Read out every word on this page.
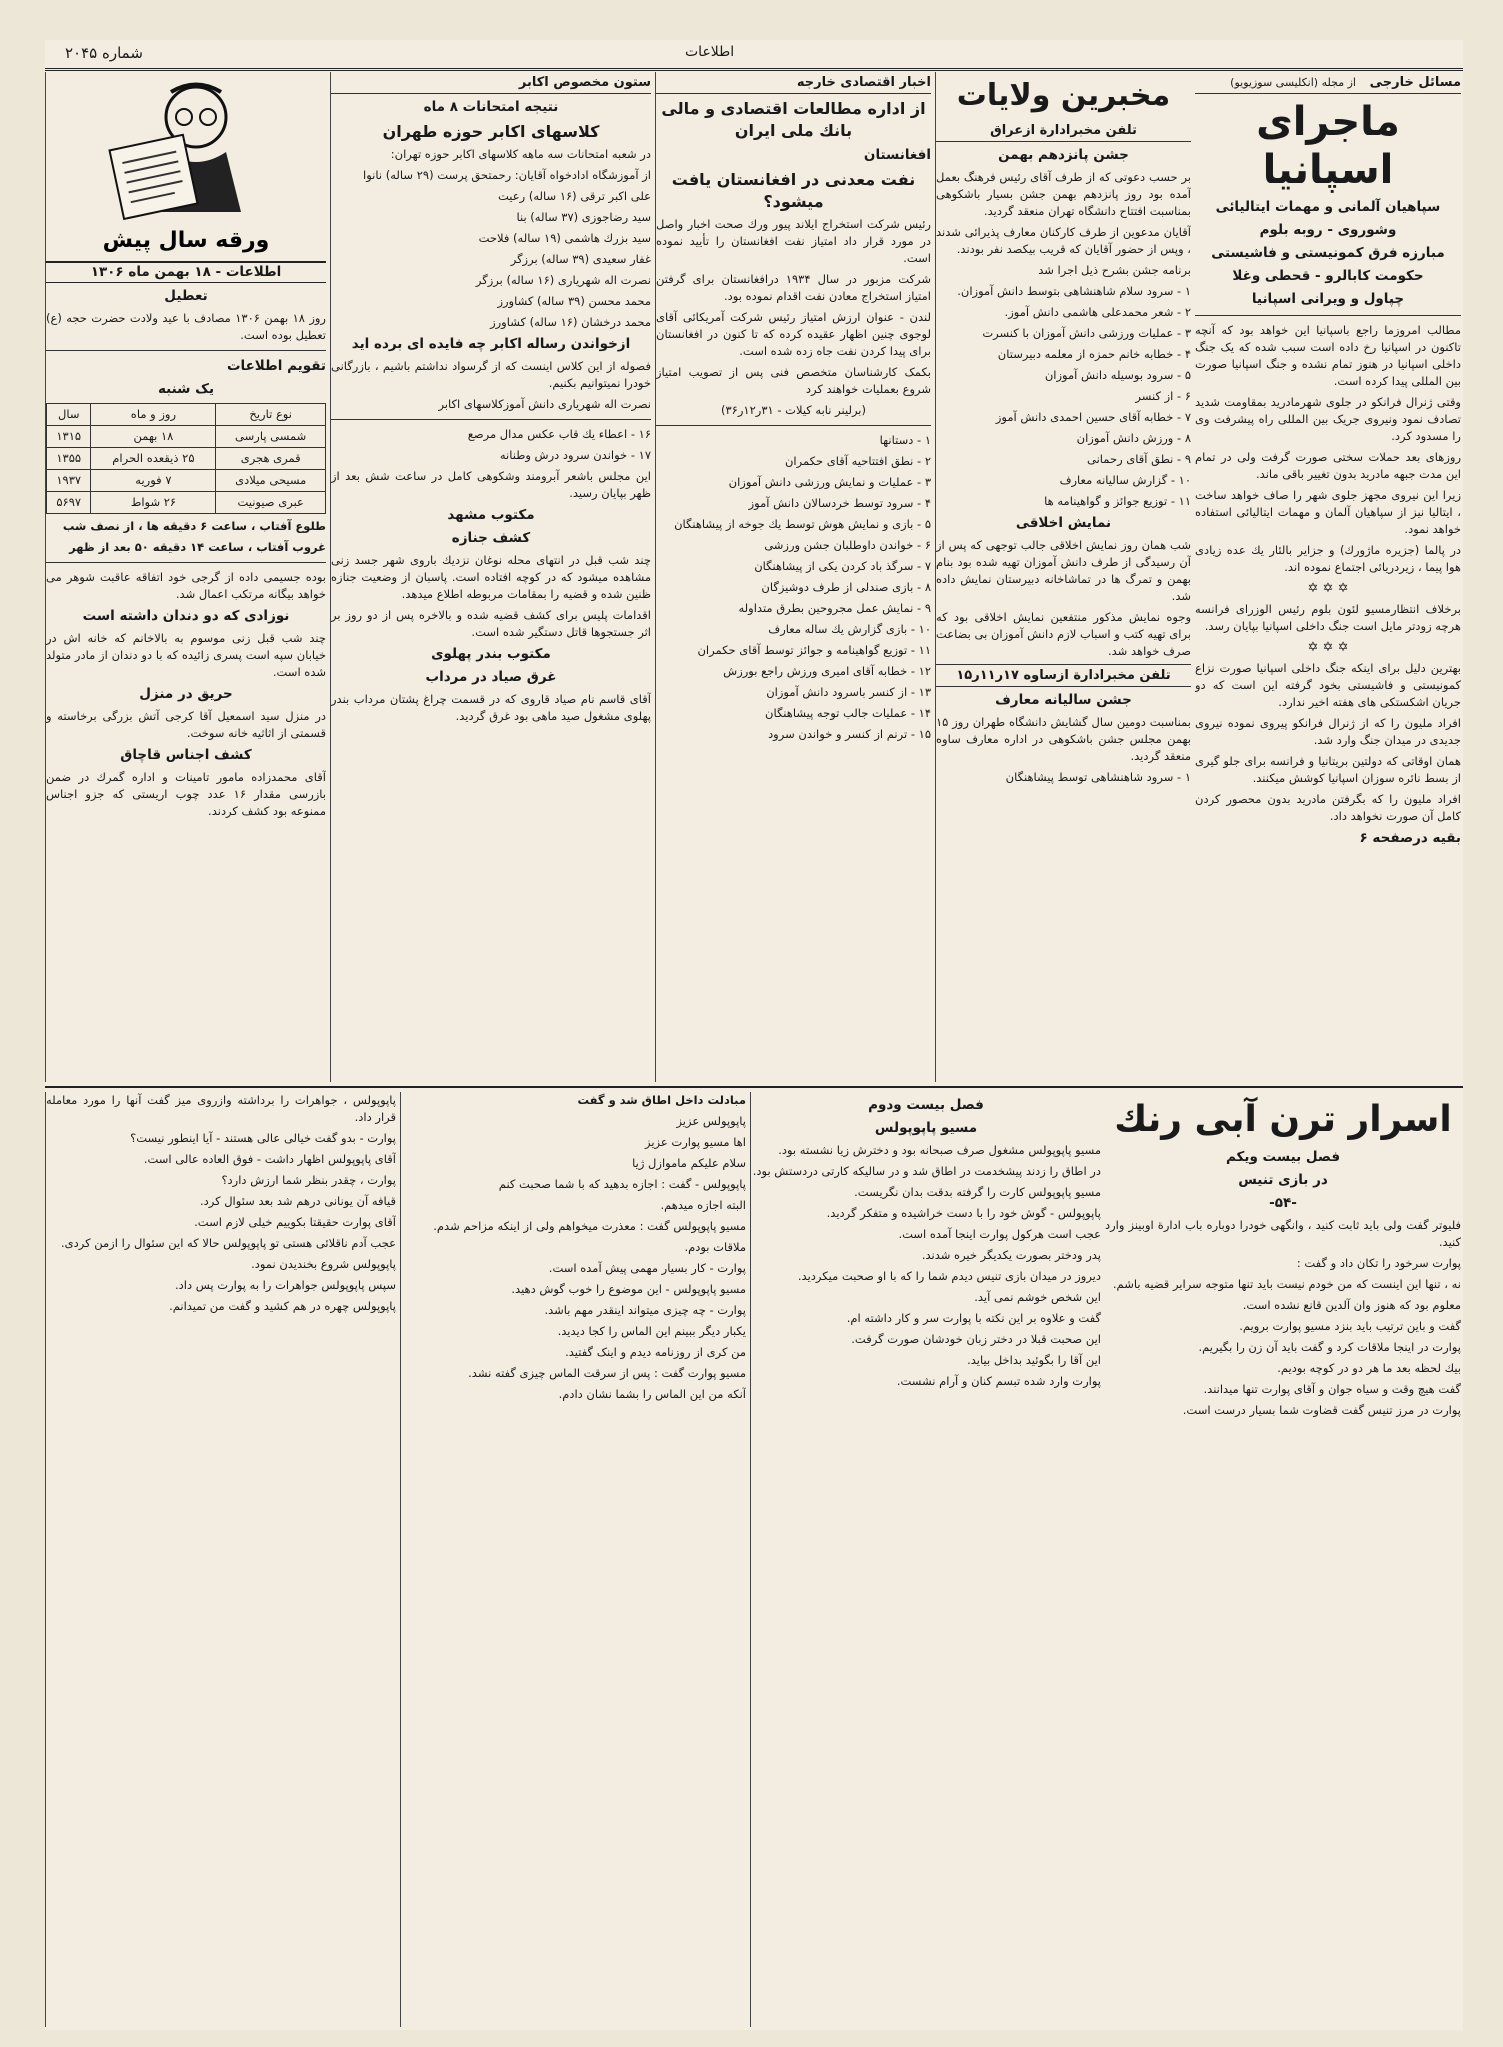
شماره ۲۰۴۵	اطلاعات
مسائل خارجی   از مجله (انکلیسی سوزیویو)
ماجرای اسپانیا
سپاهیان آلمانی و مهمات ایتالیائی
وشوروی - روبه بلوم
مبارزه فرق کمونیستی و فاشیستی
حکومت کابالرو - قحطی وغلا
چپاول و ویرانی اسپانیا

مطالب امروزما راجع باسپانیا این خواهد بود که آنچه تاکنون در اسپانیا رخ داده است سبب شده که یک جنگ داخلی اسپانیا در هنوز تمام نشده و جنگ اسپانیا صورت بین المللی پیدا کرده است.

وقتی ژنرال فرانکو در جلوی شهرمادرید بمقاومت شدید تصادف نمود ونیروی جریک بین المللی راه پیشرفت وی را مسدود کرد.

روزهای بعد حملات سختی صورت گرفت ولی در تمام این مدت جبهه مادرید بدون تغییر باقی ماند.

زیرا این نیروی مجهز جلوی شهر را صاف خواهد ساخت ، ایتالیا نیز از سپاهیان آلمان و مهمات ایتالیائی استفاده خواهد نمود.

در پالما (جزیره ماژورك) و جزایر بالئار یك عده زیادی هوا پیما ، زیردریائی اجتماع نموده اند.

✡ ✡ ✡

برخلاف انتظارمسیو لئون بلوم رئیس الوزرای فرانسه هرچه زودتر مایل است جنگ داخلی اسپانیا بپایان رسد.

✡ ✡ ✡

بهترین دلیل برای اینکه جنگ داخلی اسپانیا صورت نزاع کمونیستی و فاشیستی بخود گرفته این است که دو جریان اشکستکی های هفته اخیر ندارد.

افراد ملیون را که از ژنرال فرانکو پیروی نموده نیروی جدیدی در میدان جنگ وارد شد.

همان اوقاتی که دولتین بریتانیا و فرانسه برای جلو گیری از بسط نائره سوزان اسپانیا کوشش میکنند.

افراد ملیون را که بگرفتن مادرید بدون محصور کردن کامل آن صورت نخواهد داد.

بقیه درصفحه ۶
مخبرین ولایات
تلفن مخبرادارة ازعراق
جشن پانزدهم بهمن

بر حسب دعوتی که از طرف آقای رئیس فرهنگ بعمل آمده بود روز پانزدهم بهمن جشن بسیار باشکوهی بمناسبت افتتاح دانشگاه تهران منعقد گردید.

آقایان مدعوین از طرف کارکنان معارف پذیرائی شدند ، وپس از حضور آقایان که قریب بیکصد نفر بودند.

برنامه جشن بشرح ذیل اجرا شد

۱ - سرود سلام شاهنشاهی بتوسط دانش آموزان.

۲ - شعر محمدعلی هاشمی دانش آموز.

۳ - عملیات ورزشی دانش آموزان با کنسرت

۴ - خطابه خانم حمزه از معلمه دبیرستان

۵ - سرود بوسیله دانش آموزان

۶ - از کنسر

۷ - خطابه آقای حسین احمدی دانش آموز

۸ - ورزش دانش آموزان

۹ - نطق آقای رحمانی

۱۰ - گزارش سالیانه معارف

۱۱ - توزیع جوائز و گواهینامه ها

نمایش اخلاقی

شب همان روز نمایش اخلاقی جالب توجهی که پس از آن رسیدگی از طرف دانش آموزان تهیه شده بود بنام بهمن و تمرگ ها در تماشاخانه دبیرستان نمایش داده شد.

وجوه نمایش مذکور منتفعین نمایش اخلاقی بود که برای تهیه کتب و اسباب لازم دانش آموزان بی بضاعت صرف خواهد شد.

تلفن مخبرادارة ازساوه ۱۷ر۱۱ر۱۵
جشن سالیانه معارف

بمناسبت دومین سال گشایش دانشگاه طهران روز ۱۵ بهمن مجلس جشن باشکوهی در اداره معارف ساوه منعقد گردید.

۱ - سرود شاهنشاهی توسط پیشاهنگان

اخبار اقتصادی خارجه
از اداره مطالعات اقتصادی و مالی بانك ملی ایران
افغانستان
نفت معدنی در افغانستان یافت میشود؟

رئیس شرکت استخراج ایلاند پیور ورك صحت اخبار واصل در مورد قرار داد امتیاز نفت افغانستان را تأیید نموده است.

شرکت مزبور در سال ۱۹۳۴ درافغانستان برای گرفتن امتیاز استخراج معادن نفت اقدام نموده بود.

لندن - عنوان ارزش امتیاز رئیس شرکت آمریکائی آقای لوجوی چنین اظهار عقیده کرده که تا کنون در افغانستان برای پیدا کردن نفت جاه زده شده است.

بکمک کارشناسان متخصص فنی پس از تصویب امتیاز شروع بعملیات خواهند کرد

(برلینر نابه کیلات - ۳۱ر۱۲ر۳۶)

۱ - دستانها

۲ - نطق افتتاحیه آقای حکمران

۳ - عملیات و نمایش ورزشی دانش آموزان

۴ - سرود توسط خردسالان دانش آموز

۵ - بازی و نمایش هوش توسط یك جوخه از پیشاهنگان

۶ - خواندن داوطلبان جشن ورزشی

۷ - سرگذ باد کردن یکی از پیشاهنگان

۸ - بازی صندلی از طرف دوشیزگان

۹ - نمایش عمل مجروحین بطرق متداوله

۱۰ - بازی گزارش یك ساله معارف

۱۱ - توزیع گواهینامه و جوائز توسط آقای حکمران

۱۲ - خطابه آقای امیری ورزش راجع بورزش

۱۳ - از کنسر باسرود دانش آموزان

۱۴ - عملیات جالب توجه پیشاهنگان

۱۵ - ترنم از کنسر و خواندن سرود

ستون مخصوص اکابر
نتیجه امتحانات ۸ ماه
کلاسهای اکابر حوزه طهران

در شعبه امتحانات سه ماهه کلاسهای اکابر حوزه تهران:

از آموزشگاه ادادخواه آقایان: رحمتحق پرست (۲۹ ساله) نانوا

علی اکبر ترقی (۱۶ ساله) رعیت

سید رضاجوزی (۳۷ ساله) بنا

سید بزرك هاشمی (۱۹ ساله) فلاحت

غفار سعیدی (۳۹ ساله) برزگر

نصرت اله شهریاری (۱۶ ساله) برزگر

محمد محسن (۳۹ ساله) کشاورز

محمد درخشان (۱۶ ساله) کشاورز

ازخواندن رساله اکابر چه فایده ای برده اید

فصوله از این کلاس اینست که از گرسواد نداشتم باشیم ، بازرگانی خودرا نمیتوانیم بکنیم.

نصرت اله شهریاری دانش آموزکلاسهای اکابر

۱۶ - اعطاء یك قاب عکس مدال مرصع

۱۷ - خواندن سرود درش وطنانه

این مجلس باشعر آبرومند وشکوهی کامل در ساعت شش بعد از ظهر بپایان رسید.

مکتوب مشهد
کشف جنازه

چند شب قبل در انتهای محله نوغان نزدیك باروی شهر جسد زنی مشاهده میشود که در کوچه افتاده است. پاسبان از وضعیت جنازه ظنین شده و قضیه را بمقامات مربوطه اطلاع میدهد.

اقدامات پلیس برای کشف قضیه شده و بالاخره پس از دو روز بر اثر جستجوها قاتل دستگیر شده است.

مکتوب بندر پهلوی
غرق صیاد در مرداب

آقای قاسم نام صیاد قاروی که در قسمت چراغ پشتان مرداب بندر پهلوی مشغول صید ماهی بود غرق گردید.

ورقه سال پیش
اطلاعات - ۱۸ بهمن ماه ۱۳۰۶
تعطیل

روز ۱۸ بهمن ۱۳۰۶ مصادف با عید ولادت حضرت حجه (ع) تعطیل بوده است.

تقویم اطلاعات
یک شنبه
نوع تاریخ	روز و ماه	سال
شمسی پارسی	۱۸ بهمن	۱۳۱۵
قمری هجری	۲۵ ذیقعده الحرام	۱۳۵۵
مسیحی میلادی	۷ فوریه	۱۹۳۷
عبری صیونیت	۲۶ شواط	۵۶۹۷

طلوع آفتاب ، ساعت ۶ دقیقه ها ، از نصف شب

غروب آفتاب ، ساعت ۱۴ دقیقه ۵۰ بعد از ظهر

بوده جسیمی داده از گرجی خود اتفاقه عاقبت شوهر می خواهد بیگانه مرتکب اعمال شد.

نوزادی که دو دندان داشته است

چند شب قبل زنی موسوم به بالاخانم که خانه اش در خیابان سپه است پسری زائیده که با دو دندان از مادر متولد شده است.

حریق در منزل

در منزل سید اسمعیل آقا کرجی آتش بزرگی برخاسته و قسمتی از اثاثیه خانه سوخت.

کشف اجناس قاچاق

آقای محمدزاده مامور تامینات و اداره گمرك در ضمن بازرسی مقدار ۱۶ عدد چوب اریستی که جزو اجناس ممنوعه بود کشف کردند.

اسرار ترن آبی رنك
فصل بیست ویکم
در بازی تنیس
-۵۴-

فلیوتر گفت ولی باید ثابت کنید ، وانگهی خودرا دوباره باب ادارة اوبینز وارد کنید.

پوارت سرخود را تکان داد و گفت :

نه ، تنها این اینست که من خودم نیست باید تنها متوجه سرایر قضیه باشم.

معلوم بود که هنوز وان آلدین قانع نشده است.

گفت و باین ترتیب باید بنزد مسیو پوارت برویم.

پوارت در اینجا ملاقات کرد و گفت باید آن زن را بگیریم.

بیك لحظه بعد ما هر دو در کوچه بودیم.

گفت هیچ وقت و سیاه جوان و آقای پوارت تنها میدانند.

پوارت در مرز تنیس گفت قضاوت شما بسیار درست است.

فصل بیست ودوم
مسیو پاپوپولس

مسیو پاپوپولس مشغول صرف صبحانه بود و دخترش زیا نشسته بود.

در اطاق را زدند پیشخدمت در اطاق شد و در سالیکه کارتی دردستش بود.

مسیو پاپوپولس کارت را گرفته بدقت بدان نگریست.

پاپوپولس - گوش خود را با دست خراشیده و متفکر گردید.

عجب است هرکول پوارت اینجا آمده است.

پدر ودختر بصورت یکدیگر خیره شدند.

دیروز در میدان بازی تنیس دیدم شما را که با او صحبت میکردید.

این شخص خوشم نمی آید.

گفت و علاوه بر این نکته با پوارت سر و کار داشته ام.

این صحبت قبلا در دختر زبان خودشان صورت گرفت.

این آقا را بگوئید بداخل بیاید.

پوارت وارد شده تبسم کنان و آرام نشست.

مبادلت داخل اطاق شد و گفت

پاپوپولس عزیز

اها مسیو پوارت عزیز

سلام علیکم ماموازل ژیا

پاپوپولس - گفت : اجازه بدهید که با شما صحبت کنم

البته اجازه میدهم.

مسیو پاپوپولس گفت : معذرت میخواهم ولی از اینکه مزاحم شدم.

ملاقات بودم.

پوارت - کار بسیار مهمی پیش آمده است.

مسیو پاپوپولس - این موضوع را خوب گوش دهید.

پوارت - چه چیزی میتواند اینقدر مهم باشد.

یکبار دیگر ببینم این الماس را کجا دیدید.

من کری از روزنامه دیدم و اینک گفتید.

مسیو پوارت گفت : پس از سرقت الماس چیزی گفته نشد.

آنکه من این الماس را بشما نشان دادم.

پاپوپولس ، جواهرات را برداشته وازروی میز گفت آنها را مورد معامله قرار داد.

پوارت - بدو گفت خیالی عالی هستند - آیا اینطور نیست؟

آقای پاپوپولس اظهار داشت - فوق العاده عالی است.

پوارت ، چقدر بنظر شما ارزش دارد؟

قیافه آن یونانی درهم شد بعد سئوال کرد.

آقای پوارت حقیقتا بکوییم خیلی لازم است.

عجب آدم ناقلائی هستی تو پاپوپولس حالا که این سئوال را ازمن کردی.

پاپوپولس شروع بخندیدن نمود.

سپس پاپوپولس جواهرات را به پوارت پس داد.

پاپوپولس چهره در هم کشید و گفت من تمیدانم.
